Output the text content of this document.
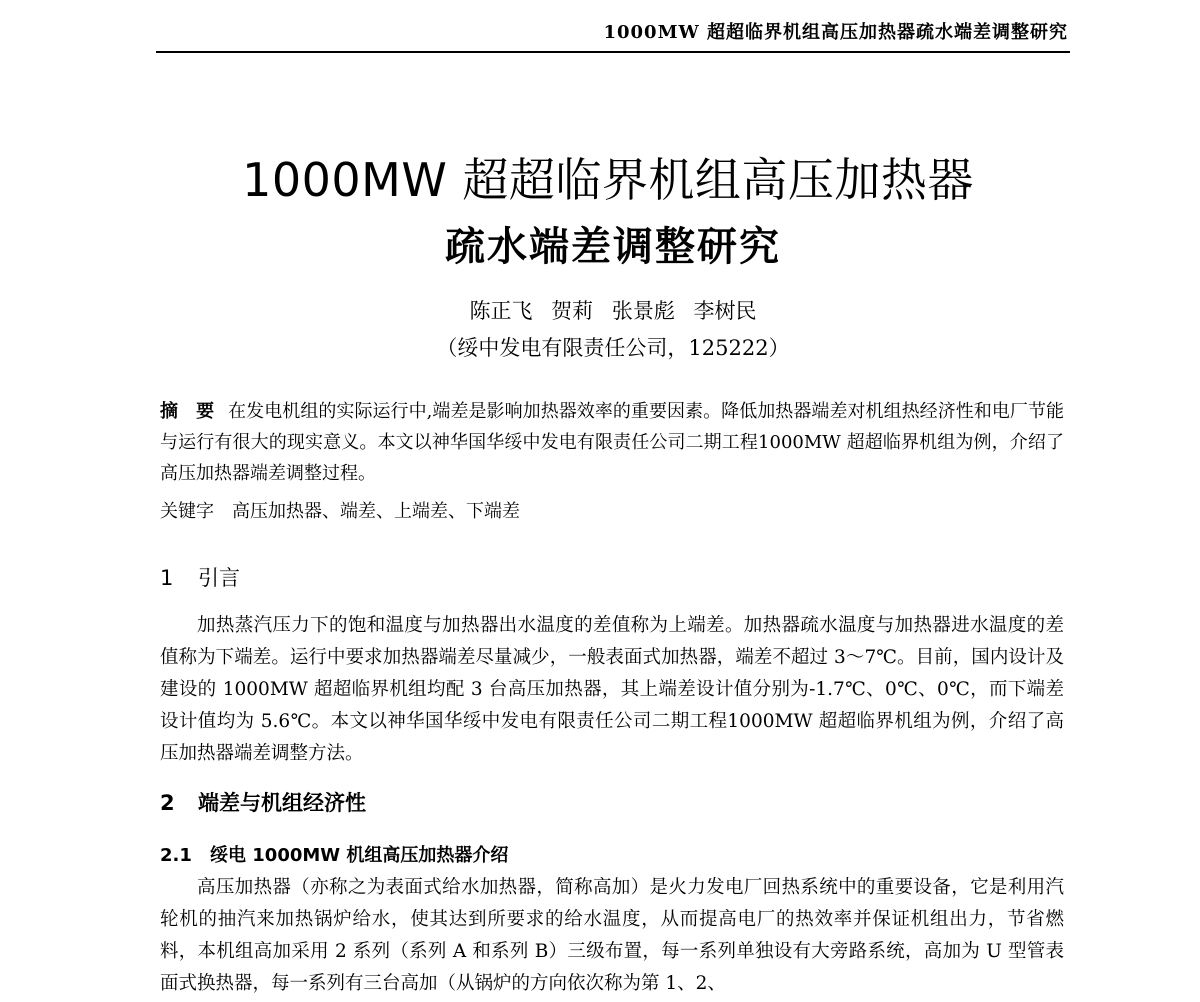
1000MW 超超临界机组高压加热器疏水端差调整研究
1000MW 超超临界机组高压加热器
疏水端差调整研究
陈正飞 贺莉 张景彪 李树民
（绥中发电有限责任公司，125222）
摘　要 在发电机组的实际运行中,端差是影响加热器效率的重要因素。降低加热器端差对机组热经济性和电厂节能与运行有很大的现实意义。本文以神华国华绥中发电有限责任公司二期工程1000MW 超超临界机组为例，介绍了高压加热器端差调整过程。
关键字 高压加热器、端差、上端差、下端差
1 引言

加热蒸汽压力下的饱和温度与加热器出水温度的差值称为上端差。加热器疏水温度与加热器进水温度的差值称为下端差。运行中要求加热器端差尽量减少，一般表面式加热器，端差不超过 3～7℃。目前，国内设计及建设的 1000MW 超超临界机组均配 3 台高压加热器，其上端差设计值分别为-1.7℃、0℃、0℃，而下端差设计值均为 5.6℃。本文以神华国华绥中发电有限责任公司二期工程1000MW 超超临界机组为例，介绍了高压加热器端差调整方法。

2 端差与机组经济性
2.1 绥电 1000MW 机组高压加热器介绍

高压加热器（亦称之为表面式给水加热器，简称高加）是火力发电厂回热系统中的重要设备，它是利用汽轮机的抽汽来加热锅炉给水，使其达到所要求的给水温度，从而提高电厂的热效率并保证机组出力，节省燃料，本机组高加采用 2 系列（系列 A 和系列 B）三级布置，每一系列单独设有大旁路系统，高加为 U 型管表面式换热器，每一系列有三台高加（从锅炉的方向依次称为第 1、2、
